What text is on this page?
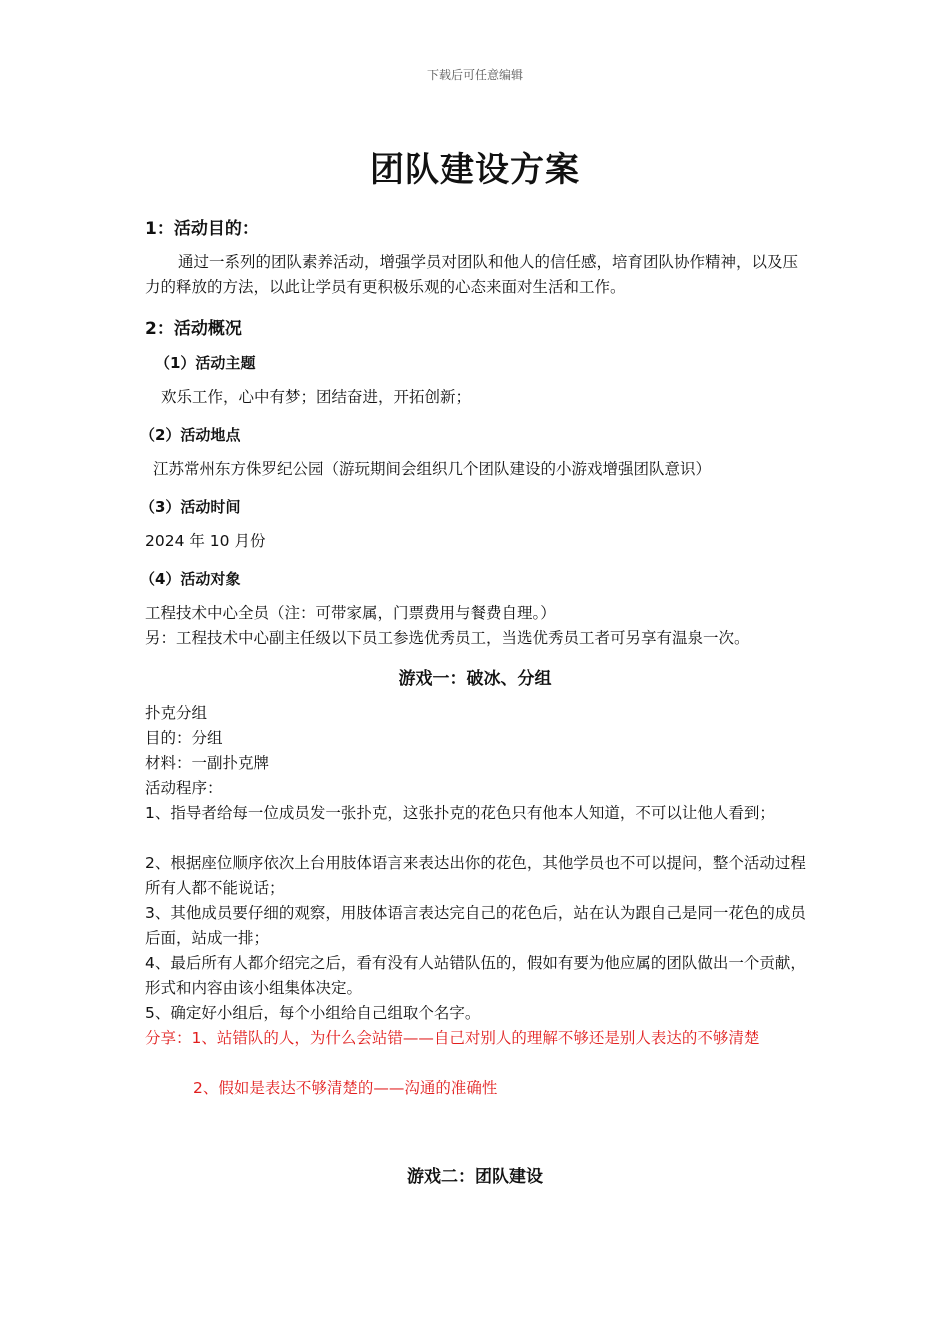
下载后可任意编辑
团队建设方案
1：活动目的：
通过一系列的团队素养活动，增强学员对团队和他人的信任感，培育团队协作精神，以及压力的释放的方法，以此让学员有更积极乐观的心态来面对生活和工作。
2：活动概况
（1）活动主题
欢乐工作，心中有梦；团结奋进，开拓创新；
（2）活动地点
江苏常州东方侏罗纪公园（游玩期间会组织几个团队建设的小游戏增强团队意识）
（3）活动时间
2024 年 10 月份
（4）活动对象
工程技术中心全员（注：可带家属，门票费用与餐费自理。）
另：工程技术中心副主任级以下员工参选优秀员工，当选优秀员工者可另享有温泉一次。
游戏一：破冰、分组
扑克分组
目的：分组
材料：一副扑克牌
活动程序：
1、指导者给每一位成员发一张扑克，这张扑克的花色只有他本人知道，不可以让他人看到；
2、根据座位顺序依次上台用肢体语言来表达出你的花色，其他学员也不可以提问，整个活动过程所有人都不能说话；
3、其他成员要仔细的观察，用肢体语言表达完自己的花色后，站在认为跟自己是同一花色的成员后面，站成一排；
4、最后所有人都介绍完之后，看有没有人站错队伍的，假如有要为他应属的团队做出一个贡献，形式和内容由该小组集体决定。
5、确定好小组后，每个小组给自己组取个名字。
分享：1、站错队的人，为什么会站错——自己对别人的理解不够还是别人表达的不够清楚
2、假如是表达不够清楚的——沟通的准确性
游戏二：团队建设
